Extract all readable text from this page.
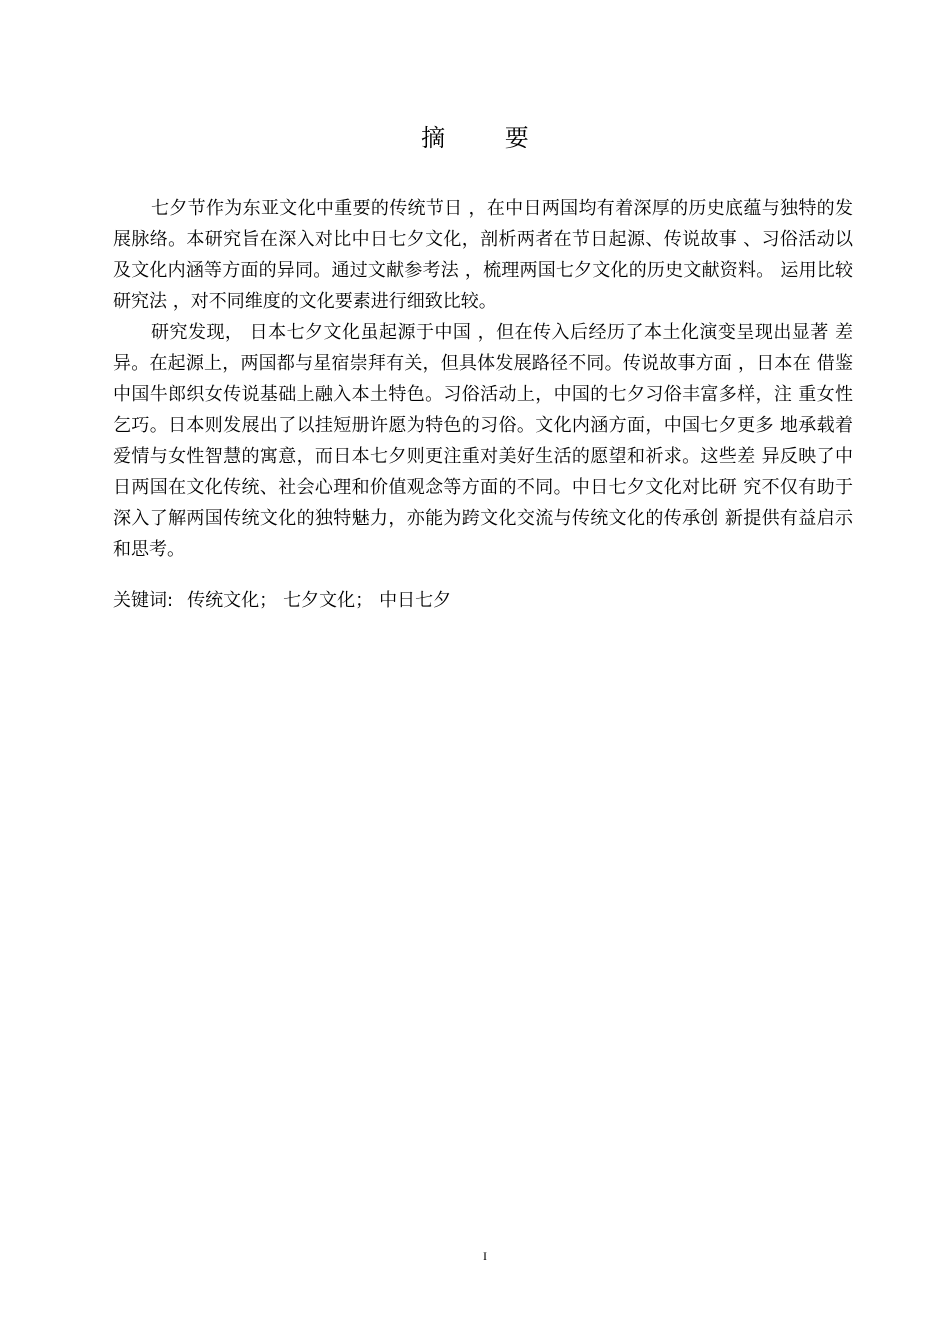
摘 要

七夕节作为东亚文化中重要的传统节日 ，在中日两国均有着深厚的历史底蕴与独特的发展脉络。本研究旨在深入对比中日七夕文化，剖析两者在节日起源、传说故事 、习俗活动以及文化内涵等方面的异同。通过文献参考法 ，梳理两国七夕文化的历史文献资料。 运用比较研究法 ，对不同维度的文化要素进行细致比较。

研究发现， 日本七夕文化虽起源于中国 ，但在传入后经历了本土化演变呈现出显著 差异。在起源上，两国都与星宿崇拜有关，但具体发展路径不同。传说故事方面 ，日本在 借鉴中国牛郎织女传说基础上融入本土特色。习俗活动上，中国的七夕习俗丰富多样，注 重女性乞巧。日本则发展出了以挂短册许愿为特色的习俗。文化内涵方面，中国七夕更多 地承载着爱情与女性智慧的寓意，而日本七夕则更注重对美好生活的愿望和祈求。这些差 异反映了中日两国在文化传统、社会心理和价值观念等方面的不同。中日七夕文化对比研 究不仅有助于深入了解两国传统文化的独特魅力，亦能为跨文化交流与传统文化的传承创 新提供有益启示和思考。

关键词: 传统文化； 七夕文化； 中日七夕
I
